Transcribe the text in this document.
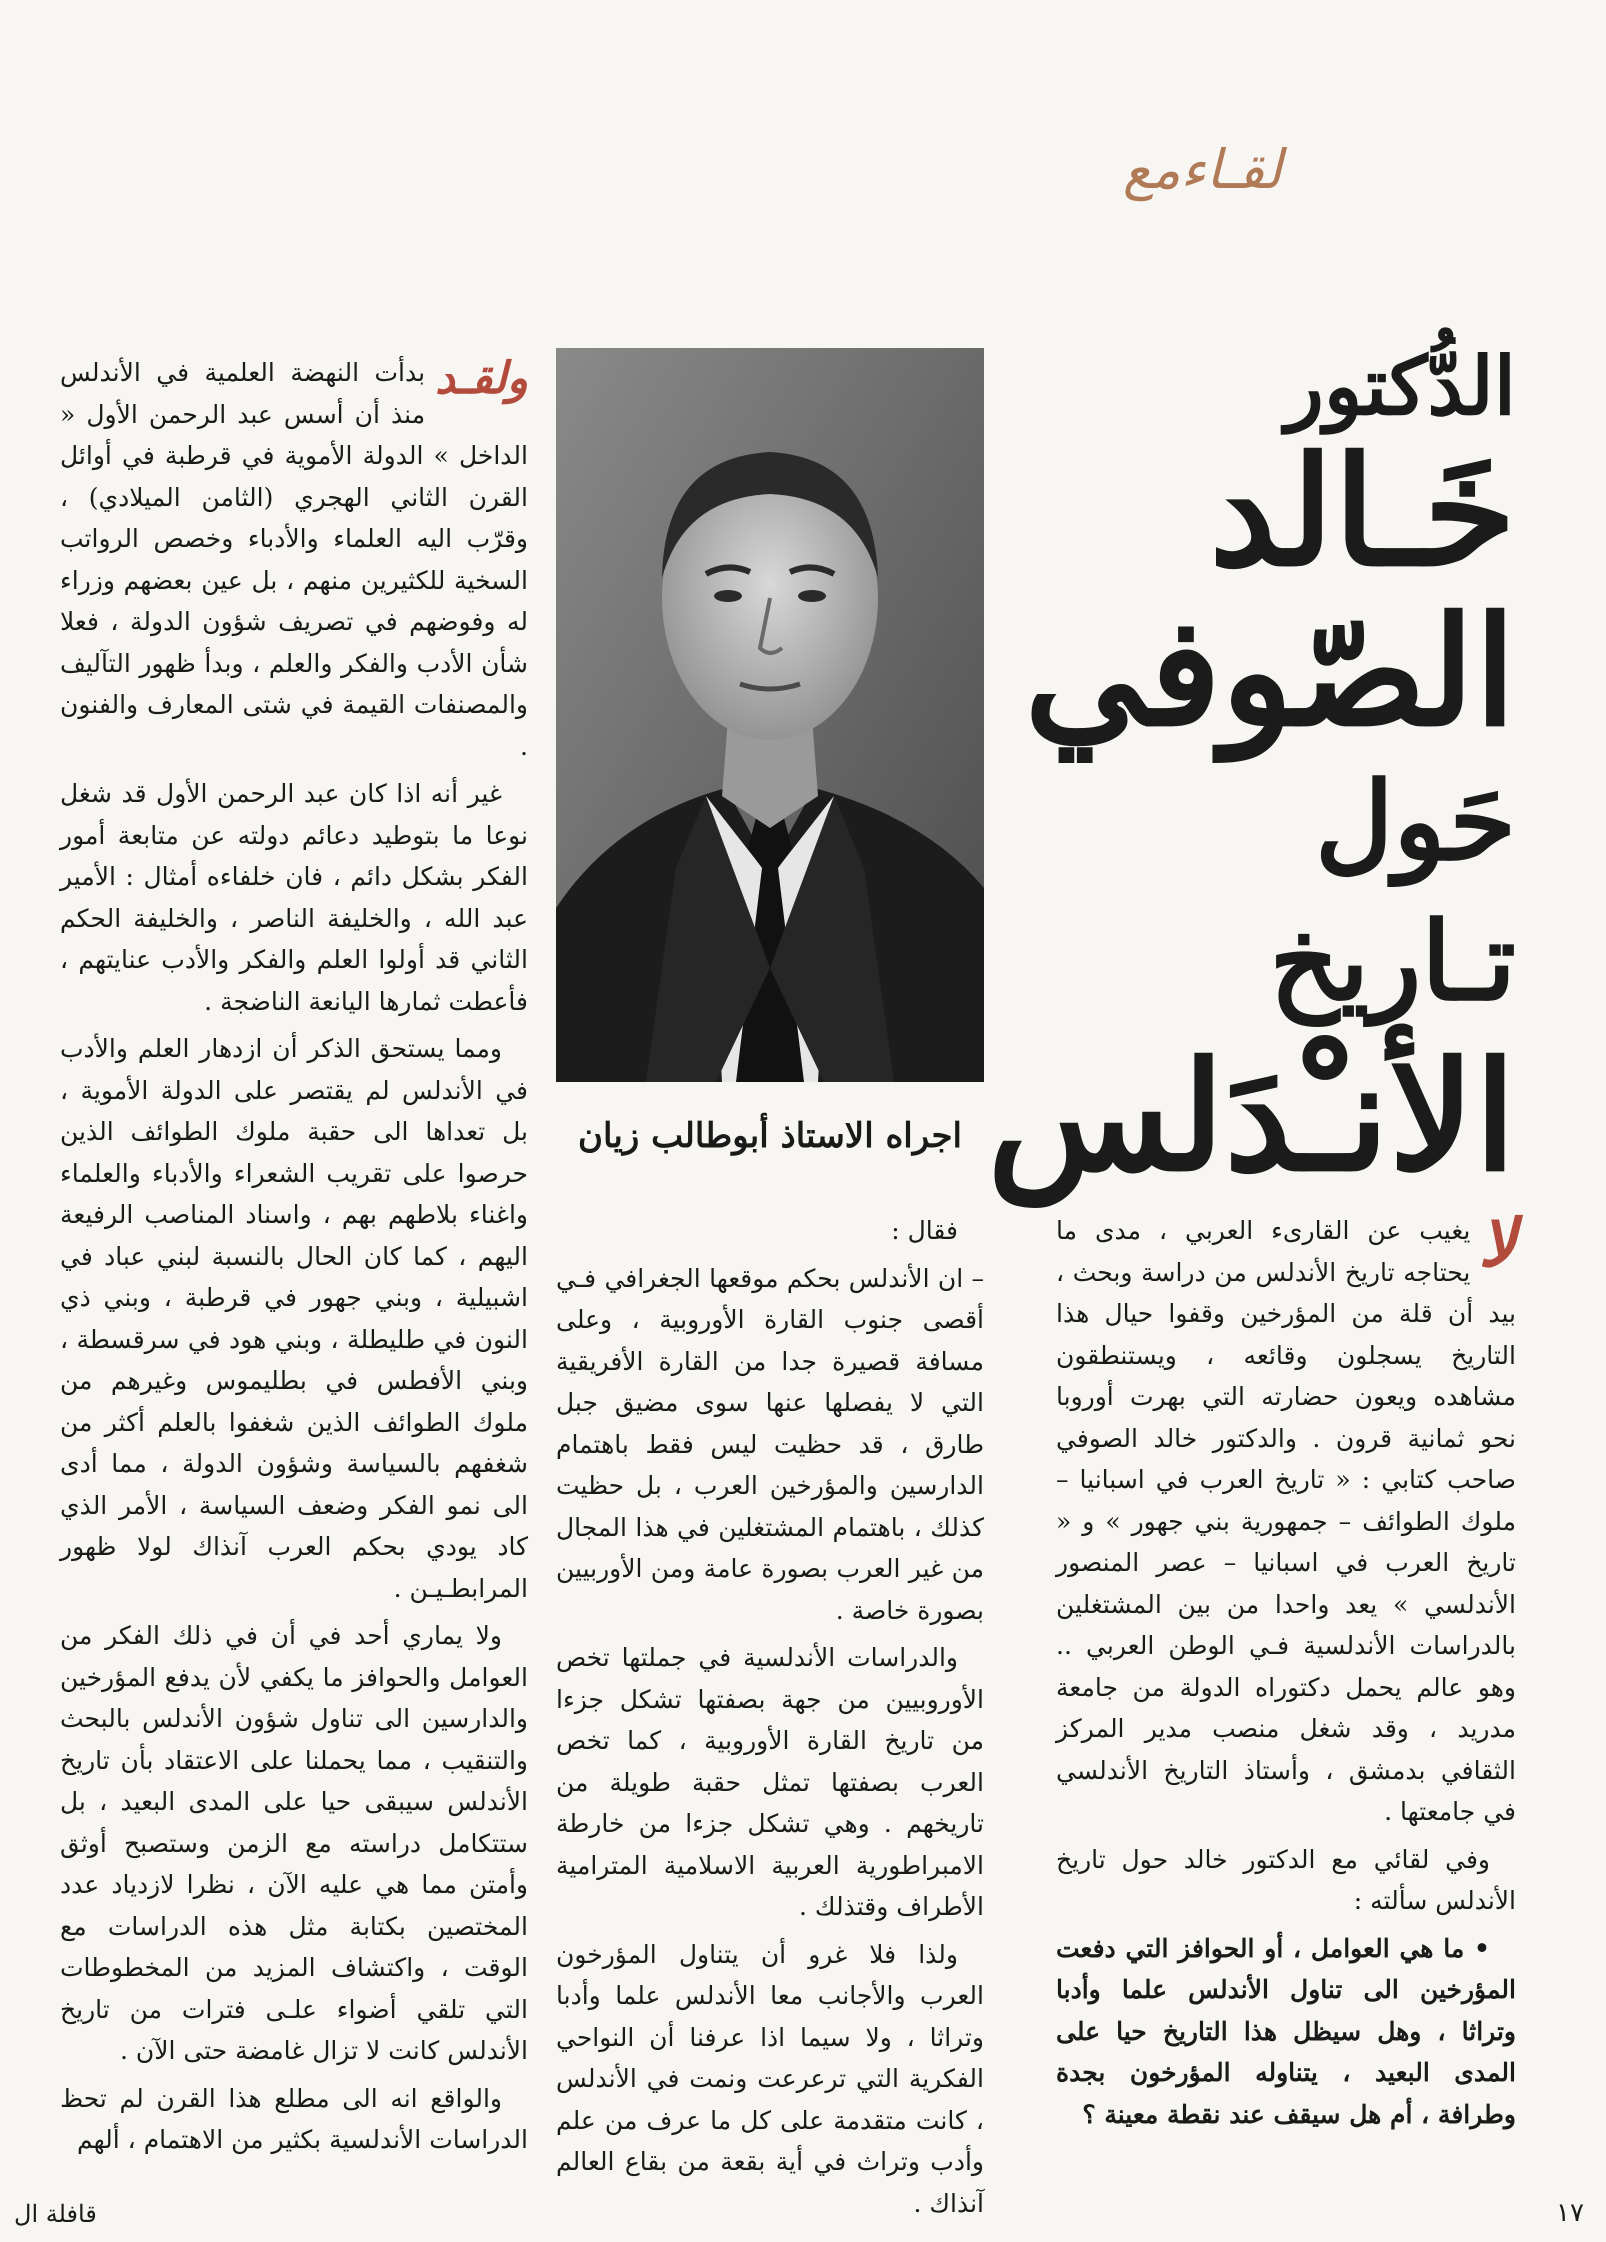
لقـاءمع
الدُّكتور
خَـالد
الصّوفي
حَول تـاريخ
الأنـْدَلس
اجراه الاستاذ أبوطالب زيان
لا

يغيب عن القارىء العربي ، مدى ما يحتاجه تاريخ الأندلس من دراسة وبحث ، بيد أن قلة من المؤرخين وقفوا حيال هذا التاريخ يسجلون وقائعه ، ويستنطقون مشاهده ويعون حضارته التي بهرت أوروبا نحو ثمانية قرون . والدكتور خالد الصوفي صاحب كتابي : « تاريخ العرب في اسبانيا – ملوك الطوائف – جمهورية بني جهور » و « تاريخ العرب في اسبانيا – عصر المنصور الأندلسي » يعد واحدا من بين المشتغلين بالدراسات الأندلسية فـي الوطن العربي .. وهو عالم يحمل دكتوراه الدولة من جامعة مدريد ، وقد شغل منصب مدير المركز الثقافي بدمشق ، وأستاذ التاريخ الأندلسي في جامعتها .

وفي لقائي مع الدكتور خالد حول تاريخ الأندلس سألته :

• ما هي العوامل ، أو الحوافز التي دفعت المؤرخين الى تناول الأندلس علما وأدبا وتراثا ، وهل سيظل هذا التاريخ حيا على المدى البعيد ، يتناوله المؤرخون بجدة وطرافة ، أم هل سيقف عند نقطة معينة ؟

فقال :

– ان الأندلس بحكم موقعها الجغرافي فـي أقصى جنوب القارة الأوروبية ، وعلى مسافة قصيرة جدا من القارة الأفريقية التي لا يفصلها عنها سوى مضيق جبل طارق ، قد حظيت ليس فقط باهتمام الدارسين والمؤرخين العرب ، بل حظيت كذلك ، باهتمام المشتغلين في هذا المجال من غير العرب بصورة عامة ومن الأوربيين بصورة خاصة .

والدراسات الأندلسية في جملتها تخص الأوروبيين من جهة بصفتها تشكل جزءا من تاريخ القارة الأوروبية ، كما تخص العرب بصفتها تمثل حقبة طويلة من تاريخهم . وهي تشكل جزءا من خارطة الامبراطورية العربية الاسلامية المترامية الأطراف وقتذلك .

ولذا فلا غرو أن يتناول المؤرخون العرب والأجانب معا الأندلس علما وأدبا وتراثا ، ولا سيما اذا عرفنا أن النواحي الفكرية التي ترعرعت ونمت في الأندلس ، كانت متقدمة على كل ما عرف من علم وأدب وتراث في أية بقعة من بقاع العالم آنذاك .

ولقـد

بدأت النهضة العلمية في الأندلس منذ أن أسس عبد الرحمن الأول « الداخل » الدولة الأموية في قرطبة في أوائل القرن الثاني الهجري (الثامن الميلادي) ، وقرّب اليه العلماء والأدباء وخصص الرواتب السخية للكثيرين منهم ، بل عين بعضهم وزراء له وفوضهم في تصريف شؤون الدولة ، فعلا شأن الأدب والفكر والعلم ، وبدأ ظهور التآليف والمصنفات القيمة في شتى المعارف والفنون .

غير أنه اذا كان عبد الرحمن الأول قد شغل نوعا ما بتوطيد دعائم دولته عن متابعة أمور الفكر بشكل دائم ، فان خلفاءه أمثال : الأمير عبد الله ، والخليفة الناصر ، والخليفة الحكم الثاني قد أولوا العلم والفكر والأدب عنايتهم ، فأعطت ثمارها اليانعة الناضجة .

ومما يستحق الذكر أن ازدهار العلم والأدب في الأندلس لم يقتصر على الدولة الأموية ، بل تعداها الى حقبة ملوك الطوائف الذين حرصوا على تقريب الشعراء والأدباء والعلماء واغناء بلاطهم بهم ، واسناد المناصب الرفيعة اليهم ، كما كان الحال بالنسبة لبني عباد في اشبيلية ، وبني جهور في قرطبة ، وبني ذي النون في طليطلة ، وبني هود في سرقسطة ، وبني الأفطس في بطليموس وغيرهم من ملوك الطوائف الذين شغفوا بالعلم أكثر من شغفهم بالسياسة وشؤون الدولة ، مما أدى الى نمو الفكر وضعف السياسة ، الأمر الذي كاد يودي بحكم العرب آنذاك لولا ظهور المرابطـيـن .

ولا يماري أحد في أن في ذلك الفكر من العوامل والحوافز ما يكفي لأن يدفع المؤرخين والدارسين الى تناول شؤون الأندلس بالبحث والتنقيب ، مما يحملنا على الاعتقاد بأن تاريخ الأندلس سيبقى حيا على المدى البعيد ، بل ستتكامل دراسته مع الزمن وستصبح أوثق وأمتن مما هي عليه الآن ، نظرا لازدياد عدد المختصين بكتابة مثل هذه الدراسات مع الوقت ، واكتشاف المزيد من المخطوطات التي تلقي أضواء علـى فترات من تاريخ الأندلس كانت لا تزال غامضة حتى الآن .

والواقع انه الى مطلع هذا القرن لم تحظ الدراسات الأندلسية بكثير من الاهتمام ، ألهم

١٧
قافلة ال
